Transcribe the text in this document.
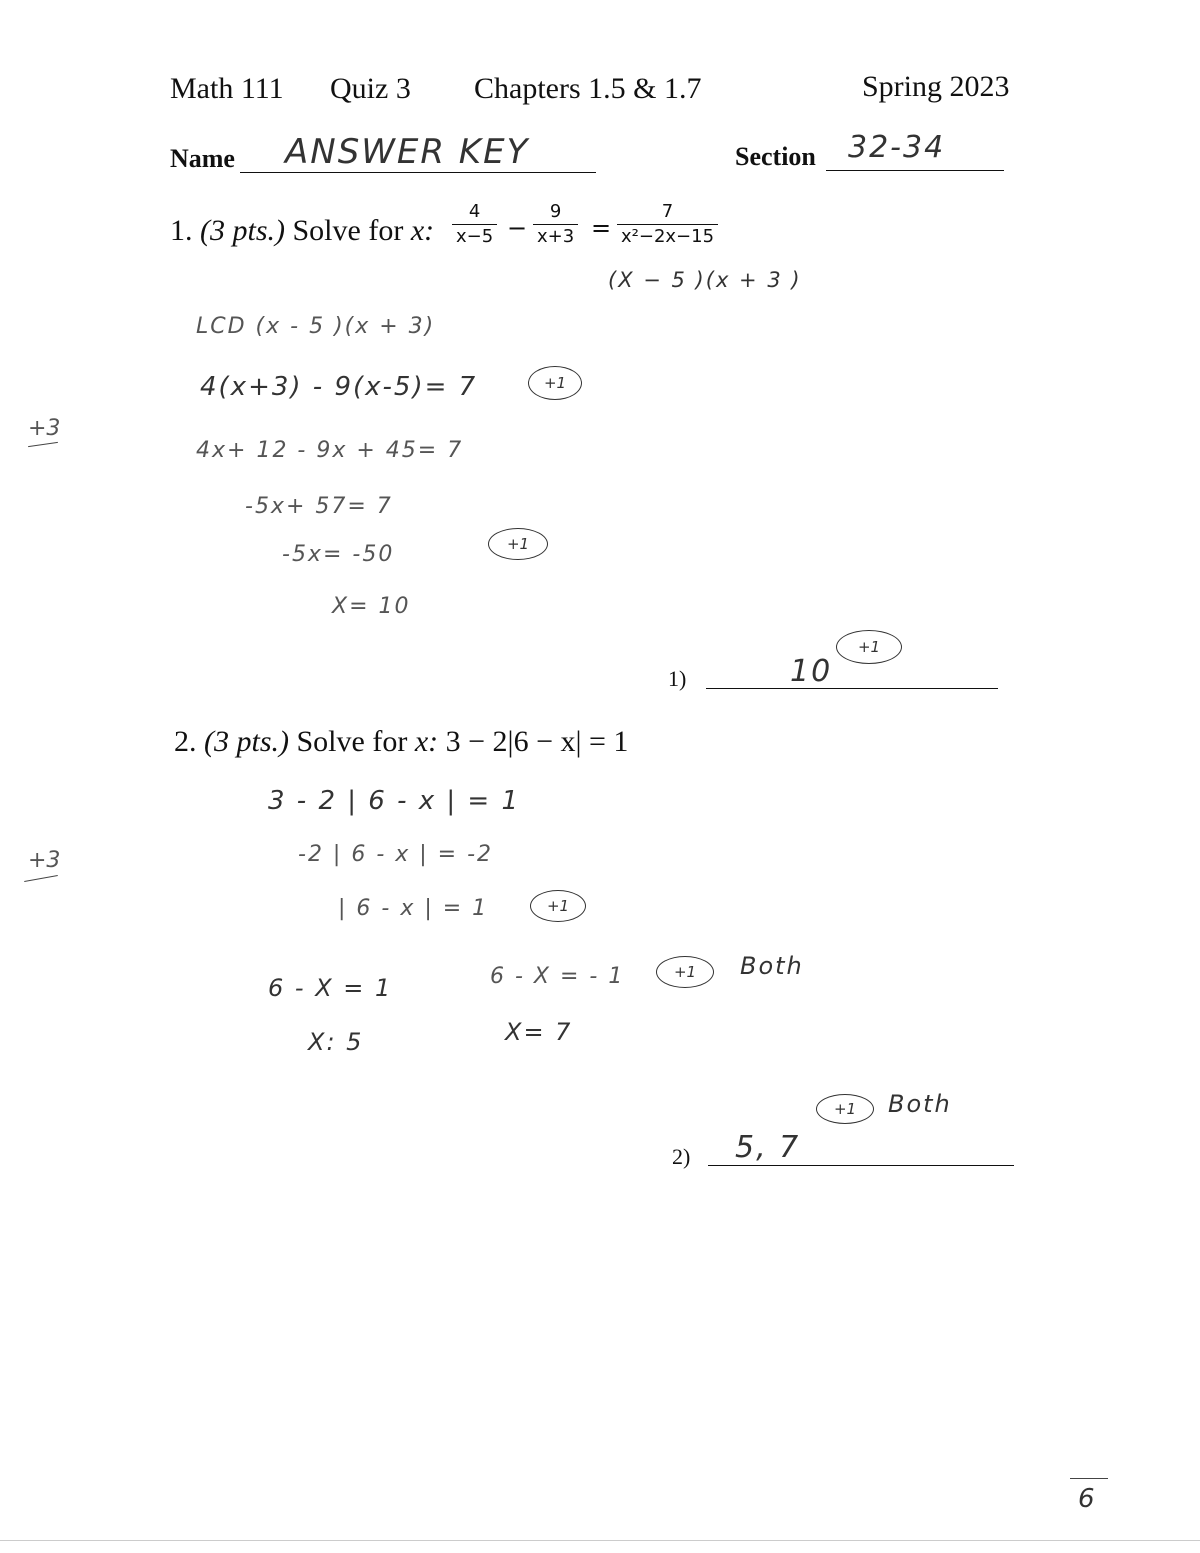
Math 111 Quiz 3 Chapters 1.5 & 1.7	Spring 2023
Name ANSWER KEY	Section 32-34
1. (3 pts.) Solve for x: $\frac{4}{x-5} - \frac{9}{x+3} = \frac{7}{\text{x²−2x−15}}$
(X − 5 )(x + 3 )
LCD (x - 5 )(x + 3)
4(x+3) - 9(x-5)= 7	+1
4x+ 12 - 9x + 45= 7
-5x+ 57= 7
-5x= -50	+1
X= 10
+3
1)	10
+1
2. (3 pts.) Solve for x: 3 − 2|6 − x| = 1
3 - 2 | 6 - x | = 1
-2 | 6 - x | = -2
| 6 - x | = 1	+1
6 - X = 1
X: 5
6 - X = - 1
X= 7
+1	Both
+3
+1	Both
2) 5, 7
6
